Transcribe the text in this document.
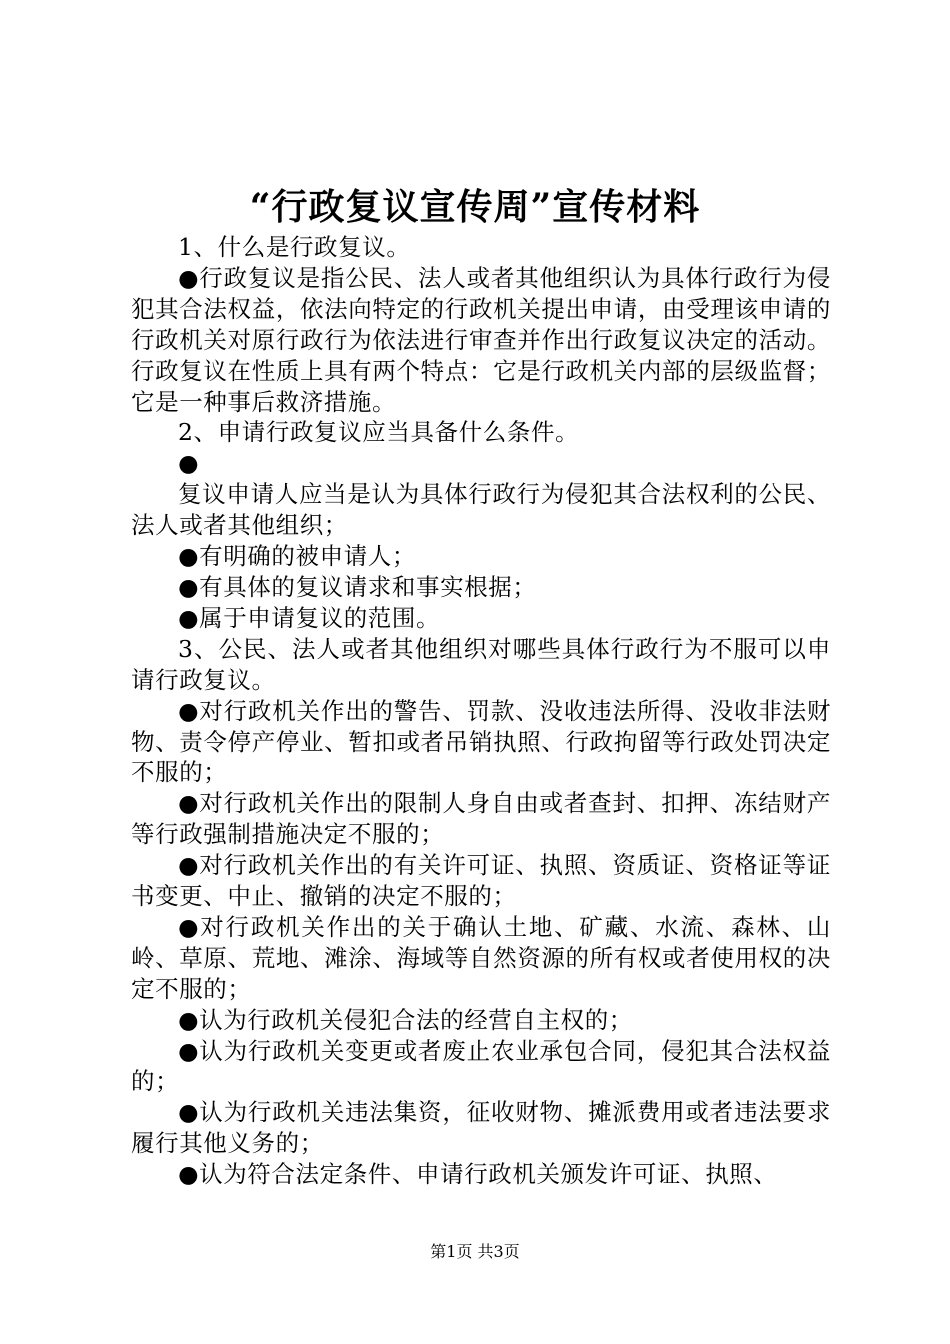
“行政复议宣传周”宣传材料

1、什么是行政复议。

●行政复议是指公民、法人或者其他组织认为具体行政行为侵犯其合法权益，依法向特定的行政机关提出申请，由受理该申请的行政机关对原行政行为依法进行审查并作出行政复议决定的活动。行政复议在性质上具有两个特点：它是行政机关内部的层级监督；它是一种事后救济措施。

2、申请行政复议应当具备什么条件。

●

复议申请人应当是认为具体行政行为侵犯其合法权利的公民、法人或者其他组织；

●有明确的被申请人；

●有具体的复议请求和事实根据；

●属于申请复议的范围。

3、公民、法人或者其他组织对哪些具体行政行为不服可以申请行政复议。

●对行政机关作出的警告、罚款、没收违法所得、没收非法财物、责令停产停业、暂扣或者吊销执照、行政拘留等行政处罚决定不服的；

●对行政机关作出的限制人身自由或者查封、扣押、冻结财产等行政强制措施决定不服的；

●对行政机关作出的有关许可证、执照、资质证、资格证等证书变更、中止、撤销的决定不服的；

●对行政机关作出的关于确认土地、矿藏、水流、森林、山岭、草原、荒地、滩涂、海域等自然资源的所有权或者使用权的决定不服的；

●认为行政机关侵犯合法的经营自主权的；

●认为行政机关变更或者废止农业承包合同，侵犯其合法权益的；

●认为行政机关违法集资，征收财物、摊派费用或者违法要求履行其他义务的；

●认为符合法定条件、申请行政机关颁发许可证、执照、

第1页 共3页
